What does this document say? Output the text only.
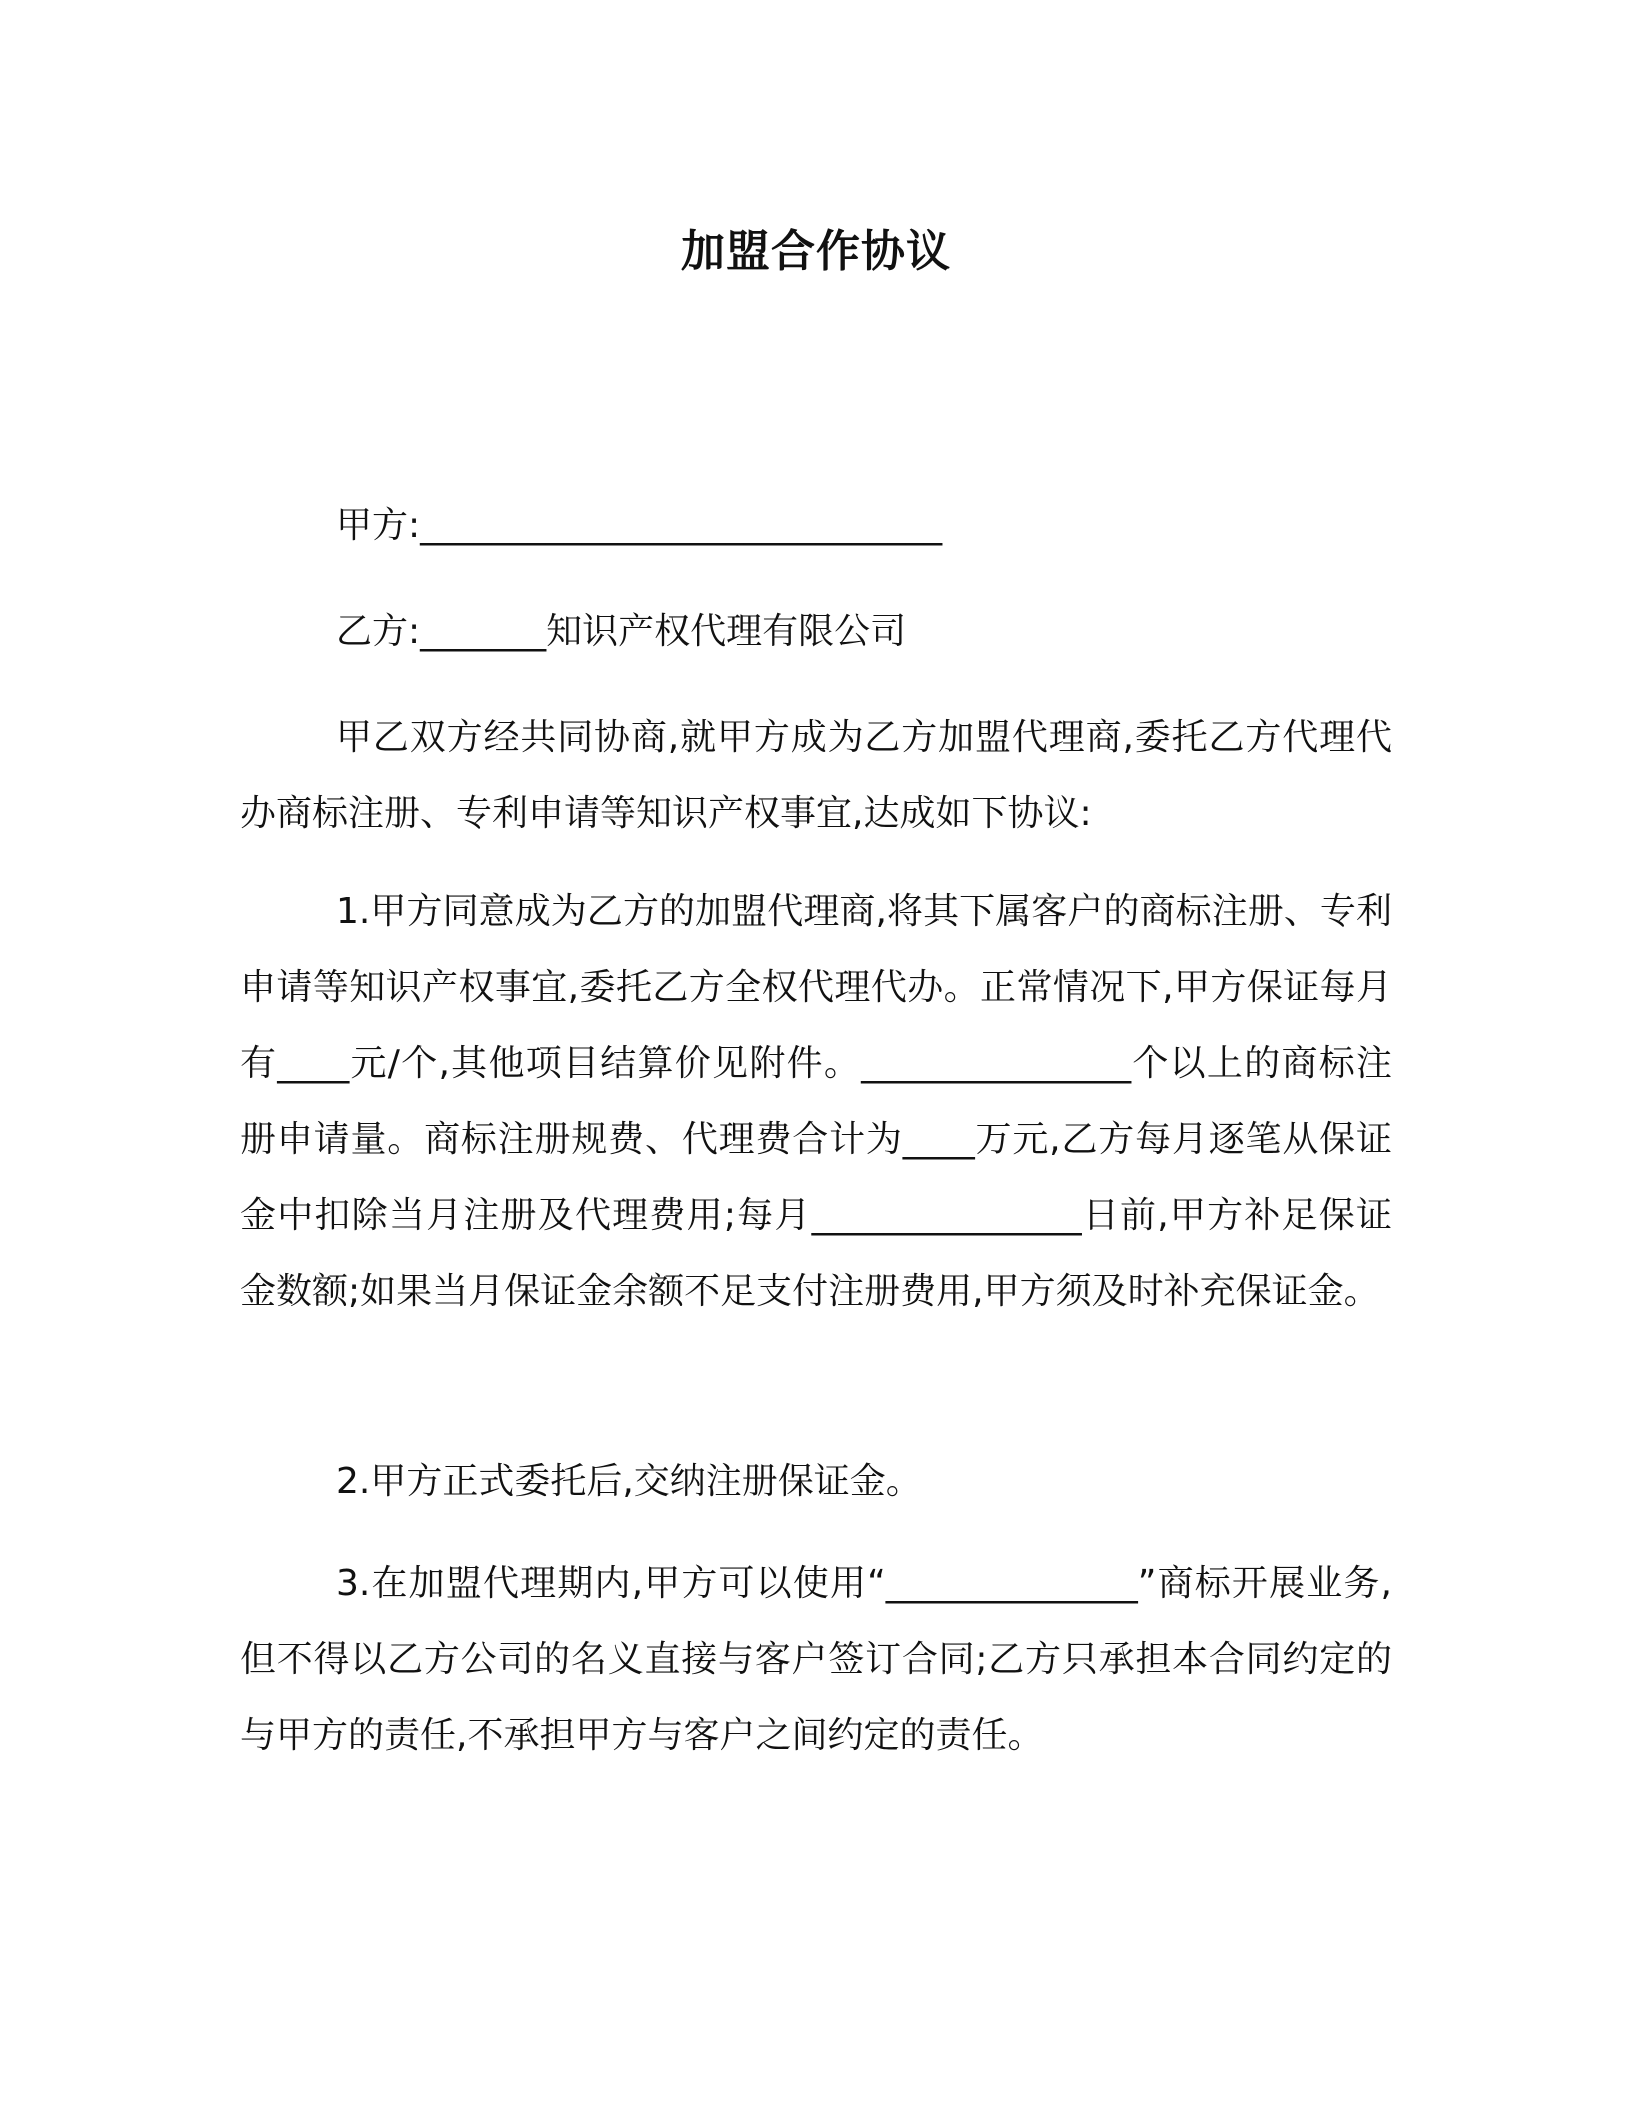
加盟合作协议
甲方:_____________________________
乙方:_______知识产权代理有限公司
甲乙双方经共同协商,就甲方成为乙方加盟代理商,委托乙方代理代办商标注册、专利申请等知识产权事宜,达成如下协议:
1.甲方同意成为乙方的加盟代理商,将其下属客户的商标注册、专利申请等知识产权事宜,委托乙方全权代理代办。正常情况下,甲方保证每月有____元/个,其他项目结算价见附件。_______________个以上的商标注册申请量。商标注册规费、代理费合计为____万元,乙方每月逐笔从保证金中扣除当月注册及代理费用;每月_______________日前,甲方补足保证金数额;如果当月保证金余额不足支付注册费用,甲方须及时补充保证金。
2.甲方正式委托后,交纳注册保证金。
3.在加盟代理期内,甲方可以使用“______________”商标开展业务,但不得以乙方公司的名义直接与客户签订合同;乙方只承担本合同约定的与甲方的责任,不承担甲方与客户之间约定的责任。
